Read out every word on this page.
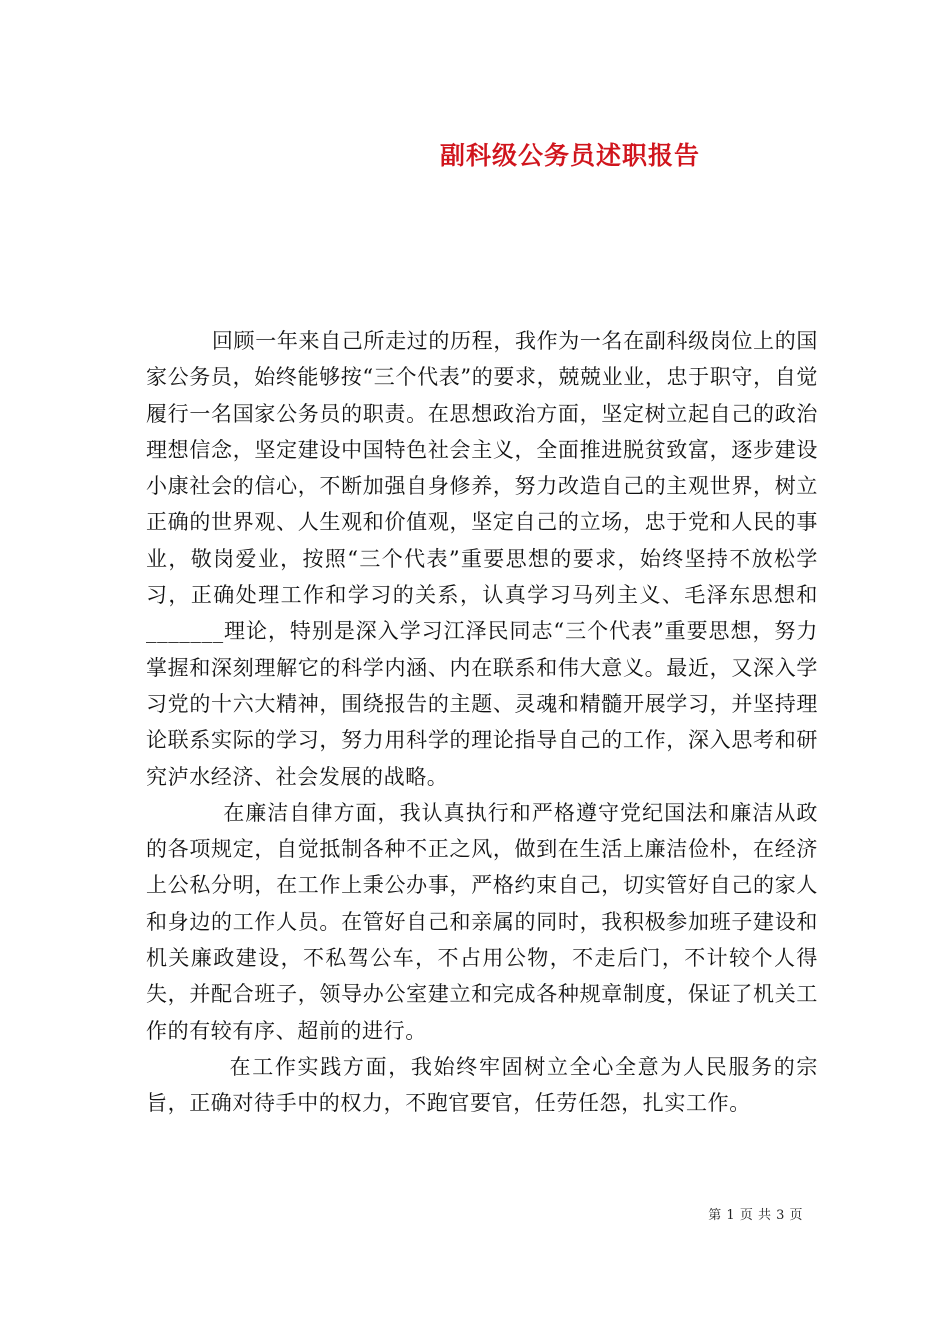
副科级公务员述职报告

回顾一年来自己所走过的历程，我作为一名在副科级岗位上的国家公务员，始终能够按“三个代表”的要求，兢兢业业，忠于职守，自觉履行一名国家公务员的职责。在思想政治方面，坚定树立起自己的政治理想信念，坚定建设中国特色社会主义，全面推进脱贫致富，逐步建设小康社会的信心，不断加强自身修养，努力改造自己的主观世界，树立正确的世界观、人生观和价值观，坚定自己的立场，忠于党和人民的事业，敬岗爱业，按照“三个代表”重要思想的要求，始终坚持不放松学习，正确处理工作和学习的关系，认真学习马列主义、毛泽东思想和_______理论，特别是深入学习江泽民同志“三个代表”重要思想，努力掌握和深刻理解它的科学内涵、内在联系和伟大意义。最近，又深入学习党的十六大精神，围绕报告的主题、灵魂和精髓开展学习，并坚持理论联系实际的学习，努力用科学的理论指导自己的工作，深入思考和研究泸水经济、社会发展的战略。

在廉洁自律方面，我认真执行和严格遵守党纪国法和廉洁从政的各项规定，自觉抵制各种不正之风，做到在生活上廉洁俭朴，在经济上公私分明，在工作上秉公办事，严格约束自己，切实管好自己的家人和身边的工作人员。在管好自己和亲属的同时，我积极参加班子建设和机关廉政建设，不私驾公车，不占用公物，不走后门，不计较个人得失，并配合班子，领导办公室建立和完成各种规章制度，保证了机关工作的有较有序、超前的进行。

在工作实践方面，我始终牢固树立全心全意为人民服务的宗旨，正确对待手中的权力，不跑官要官，任劳任怨，扎实工作。

第 1 页 共 3 页
